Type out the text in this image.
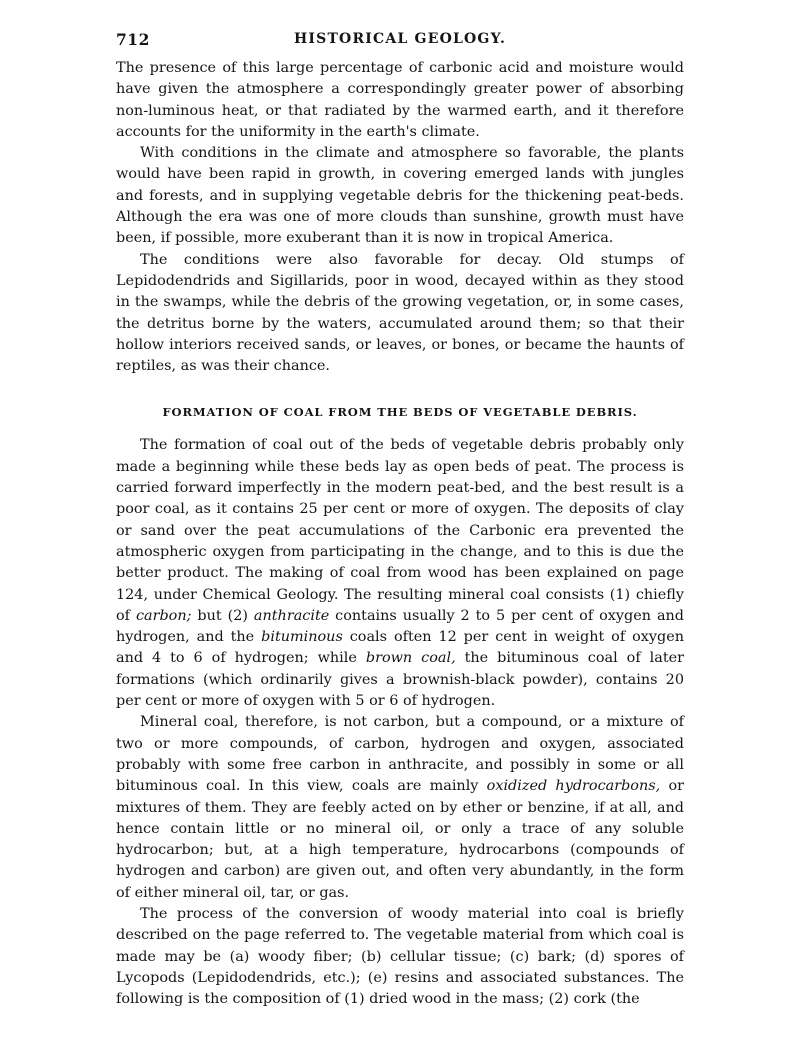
712	HISTORICAL GEOLOGY.

The presence of this large percentage of carbonic acid and moisture would have given the atmosphere a correspondingly greater power of absorbing non-luminous heat, or that radiated by the warmed earth, and it therefore accounts for the uniformity in the earth's climate.

With conditions in the climate and atmosphere so favorable, the plants would have been rapid in growth, in covering emerged lands with jungles and forests, and in supplying vegetable debris for the thickening peat-beds. Although the era was one of more clouds than sunshine, growth must have been, if possible, more exuberant than it is now in tropical America.

The conditions were also favorable for decay. Old stumps of Lepidodendrids and Sigillarids, poor in wood, decayed within as they stood in the swamps, while the debris of the growing vegetation, or, in some cases, the detritus borne by the waters, accumulated around them; so that their hollow interiors received sands, or leaves, or bones, or became the haunts of reptiles, as was their chance.

FORMATION OF COAL FROM THE BEDS OF VEGETABLE DEBRIS.

The formation of coal out of the beds of vegetable debris probably only made a beginning while these beds lay as open beds of peat. The process is carried forward imperfectly in the modern peat-bed, and the best result is a poor coal, as it contains 25 per cent or more of oxygen. The deposits of clay or sand over the peat accumulations of the Carbonic era prevented the atmospheric oxygen from participating in the change, and to this is due the better product. The making of coal from wood has been explained on page 124, under Chemical Geology. The resulting mineral coal consists (1) chiefly of carbon; but (2) anthracite contains usually 2 to 5 per cent of oxygen and hydrogen, and the bituminous coals often 12 per cent in weight of oxygen and 4 to 6 of hydrogen; while brown coal, the bituminous coal of later formations (which ordinarily gives a brownish-black powder), contains 20 per cent or more of oxygen with 5 or 6 of hydrogen.

Mineral coal, therefore, is not carbon, but a compound, or a mixture of two or more compounds, of carbon, hydrogen and oxygen, associated probably with some free carbon in anthracite, and possibly in some or all bituminous coal. In this view, coals are mainly oxidized hydrocarbons, or mixtures of them. They are feebly acted on by ether or benzine, if at all, and hence contain little or no mineral oil, or only a trace of any soluble hydrocarbon; but, at a high temperature, hydrocarbons (compounds of hydrogen and carbon) are given out, and often very abundantly, in the form of either mineral oil, tar, or gas.

The process of the conversion of woody material into coal is briefly described on the page referred to. The vegetable material from which coal is made may be (a) woody fiber; (b) cellular tissue; (c) bark; (d) spores of Lycopods (Lepidodendrids, etc.); (e) resins and associated substances. The following is the composition of (1) dried wood in the mass; (2) cork (the
